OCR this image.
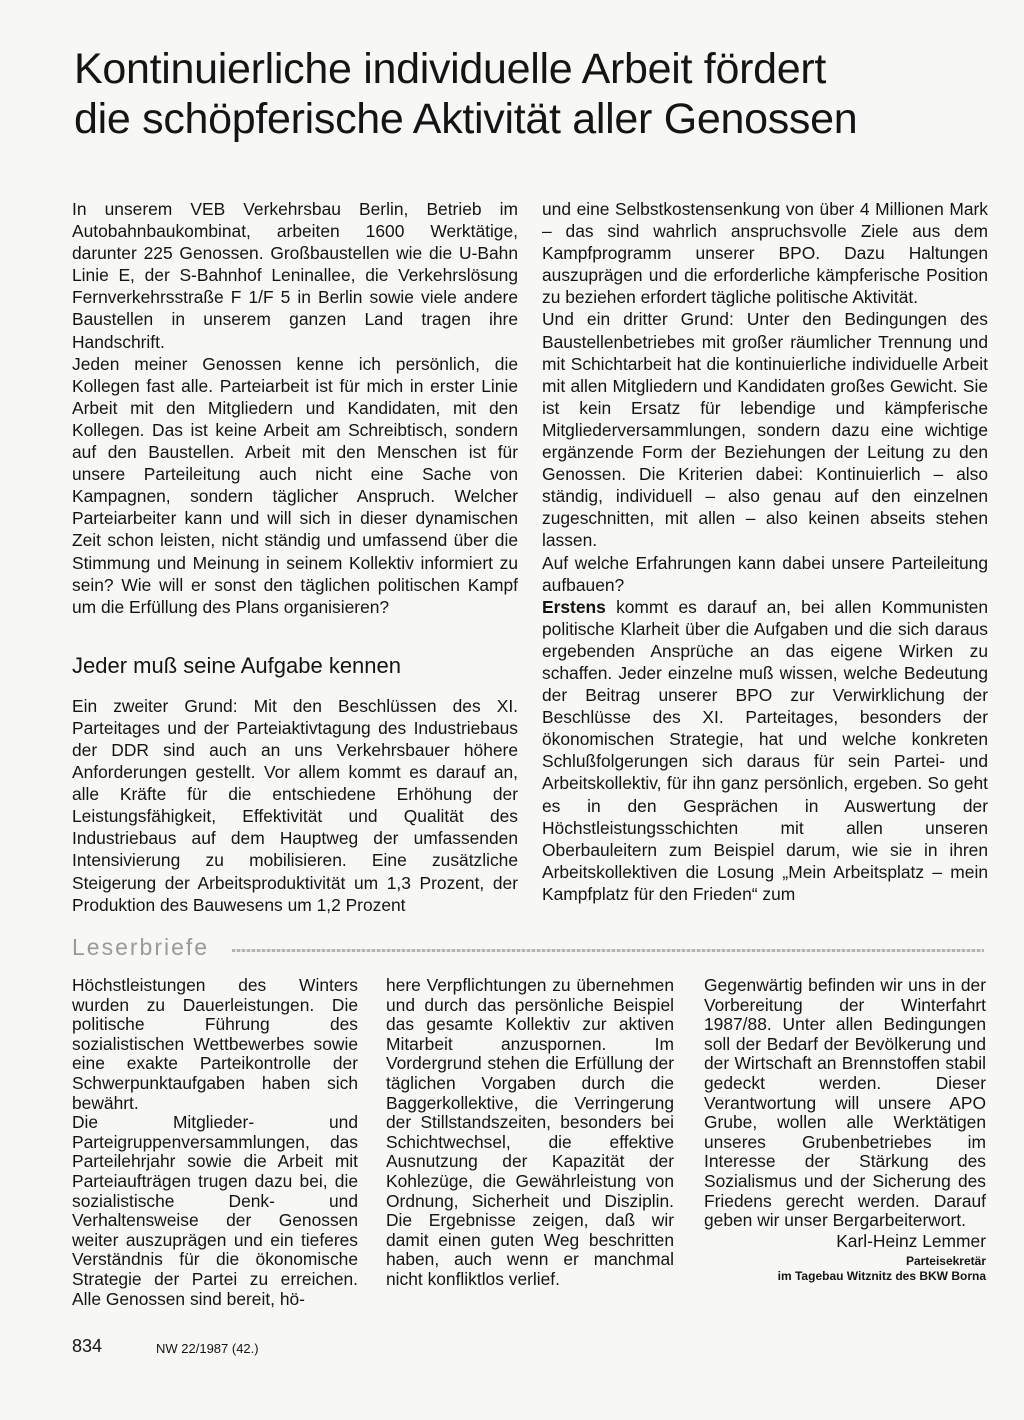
Kontinuierliche individuelle Arbeit fördert
die schöpferische Aktivität aller Genossen

In unserem VEB Verkehrsbau Berlin, Betrieb im Autobahnbaukombinat, arbeiten 1600 Werktätige, darunter 225 Genossen. Großbaustellen wie die U-Bahn Linie E, der S-Bahnhof Leninallee, die Verkehrslösung Fernverkehrsstraße F 1/F 5 in Berlin sowie viele andere Baustellen in unserem ganzen Land tragen ihre Handschrift.

Jeden meiner Genossen kenne ich persönlich, die Kollegen fast alle. Parteiarbeit ist für mich in erster Linie Arbeit mit den Mitgliedern und Kandidaten, mit den Kollegen. Das ist keine Arbeit am Schreibtisch, sondern auf den Baustellen. Arbeit mit den Menschen ist für unsere Parteileitung auch nicht eine Sache von Kampagnen, sondern täglicher Anspruch. Welcher Parteiarbeiter kann und will sich in dieser dynamischen Zeit schon leisten, nicht ständig und umfassend über die Stimmung und Meinung in seinem Kollektiv informiert zu sein? Wie will er sonst den täglichen politischen Kampf um die Erfüllung des Plans organisieren?

Jeder muß seine Aufgabe kennen

Ein zweiter Grund: Mit den Beschlüssen des XI. Parteitages und der Parteiaktivtagung des Industriebaus der DDR sind auch an uns Verkehrsbauer höhere Anforderungen gestellt. Vor allem kommt es darauf an, alle Kräfte für die entschiedene Erhöhung der Leistungsfähigkeit, Effektivität und Qualität des Industriebaus auf dem Hauptweg der umfassenden Intensivierung zu mobilisieren. Eine zusätzliche Steigerung der Arbeitsproduktivität um 1,3 Prozent, der Produktion des Bauwesens um 1,2 Prozent

und eine Selbstkostensenkung von über 4 Millionen Mark – das sind wahrlich anspruchsvolle Ziele aus dem Kampfprogramm unserer BPO. Dazu Haltungen auszuprägen und die erforderliche kämpferische Position zu beziehen erfordert tägliche politische Aktivität.

Und ein dritter Grund: Unter den Bedingungen des Baustellenbetriebes mit großer räumlicher Trennung und mit Schichtarbeit hat die kontinuierliche individuelle Arbeit mit allen Mitgliedern und Kandidaten großes Gewicht. Sie ist kein Ersatz für lebendige und kämpferische Mitgliederversammlungen, sondern dazu eine wichtige ergänzende Form der Beziehungen der Leitung zu den Genossen. Die Kriterien dabei: Kontinuierlich – also ständig, individuell – also genau auf den einzelnen zugeschnitten, mit allen – also keinen abseits stehen lassen.

Auf welche Erfahrungen kann dabei unsere Parteileitung aufbauen?

Erstens kommt es darauf an, bei allen Kommunisten politische Klarheit über die Aufgaben und die sich daraus ergebenden Ansprüche an das eigene Wirken zu schaffen. Jeder einzelne muß wissen, welche Bedeutung der Beitrag unserer BPO zur Verwirklichung der Beschlüsse des XI. Parteitages, besonders der ökonomischen Strategie, hat und welche konkreten Schlußfolgerungen sich daraus für sein Partei- und Arbeitskollektiv, für ihn ganz persönlich, ergeben. So geht es in den Gesprächen in Auswertung der Höchstleistungsschichten mit allen unseren Oberbauleitern zum Beispiel darum, wie sie in ihren Arbeitskollektiven die Losung „Mein Arbeitsplatz – mein Kampfplatz für den Frieden“ zum

Leserbriefe

Höchstleistungen des Winters wurden zu Dauerleistungen. Die politische Führung des sozialistischen Wettbewerbes sowie eine exakte Parteikontrolle der Schwerpunktaufgaben haben sich bewährt.

Die Mitglieder- und Parteigruppenversammlungen, das Parteilehrjahr sowie die Arbeit mit Parteiaufträgen trugen dazu bei, die sozialistische Denk- und Verhaltensweise der Genossen weiter auszuprägen und ein tieferes Verständnis für die ökonomische Strategie der Partei zu erreichen. Alle Genossen sind bereit, hö-

here Verpflichtungen zu übernehmen und durch das persönliche Beispiel das gesamte Kollektiv zur aktiven Mitarbeit anzuspornen. Im Vordergrund stehen die Erfüllung der täglichen Vorgaben durch die Baggerkollektive, die Verringerung der Stillstandszeiten, besonders bei Schichtwechsel, die effektive Ausnutzung der Kapazität der Kohlezüge, die Gewährleistung von Ordnung, Sicherheit und Disziplin. Die Ergebnisse zeigen, daß wir damit einen guten Weg beschritten haben, auch wenn er manchmal nicht konfliktlos verlief.

Gegenwärtig befinden wir uns in der Vorbereitung der Winterfahrt 1987/88. Unter allen Bedingungen soll der Bedarf der Bevölkerung und der Wirtschaft an Brennstoffen stabil gedeckt werden. Dieser Verantwortung will unsere APO Grube, wollen alle Werktätigen unseres Grubenbetriebes im Interesse der Stärkung des Sozialismus und der Sicherung des Friedens gerecht werden. Darauf geben wir unser Bergarbeiterwort.

Karl-Heinz Lemmer

Parteisekretär
im Tagebau Witznitz des BKW Borna

834	NW 22/1987 (42.)
